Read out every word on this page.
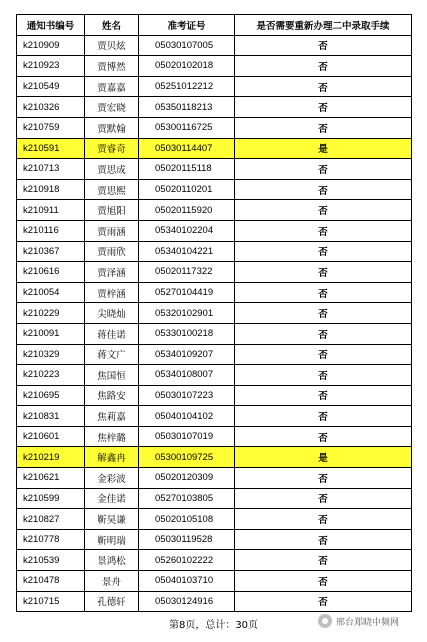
通知书编号	姓名	准考证号	是否需要重新办理二中录取手续
k210909	贾贝炫	05030107005	否
k210923	贾博然	05020102018	否
k210549	贾嘉嘉	05251012212	否
k210326	贾宏晓	05350118213	否
k210759	贾默翰	05300116725	否
k210591	贾睿奇	05030114407	是
k210713	贾思成	05020115118	否
k210918	贾思熙	05020110201	否
k210911	贾旭阳	05020115920	否
k210116	贾雨涵	05340102204	否
k210367	贾雨欣	05340104221	否
k210616	贾泽涵	05020117322	否
k210054	贾梓涵	05270104419	否
k210229	尖晓灿	05320102901	否
k210091	蒋佳诺	05330100218	否
k210329	蒋文广	05340109207	否
k210223	焦国恒	05340108007	否
k210695	焦路安	05030107223	否
k210831	焦莉嘉	05040104102	否
k210601	焦梓璐	05030107019	否
k210219	解鑫冉	05300109725	是
k210621	金彩波	05020120309	否
k210599	金佳诺	05270103805	否
k210827	靳昊谦	05020105108	否
k210778	靳明瑞	05030119528	否
k210539	景鸿松	05260102222	否
k210478	景舟	05040103710	否
k210715	孔德轩	05030124916	否
第8页，总计：30页	邢台郑晓中频网
